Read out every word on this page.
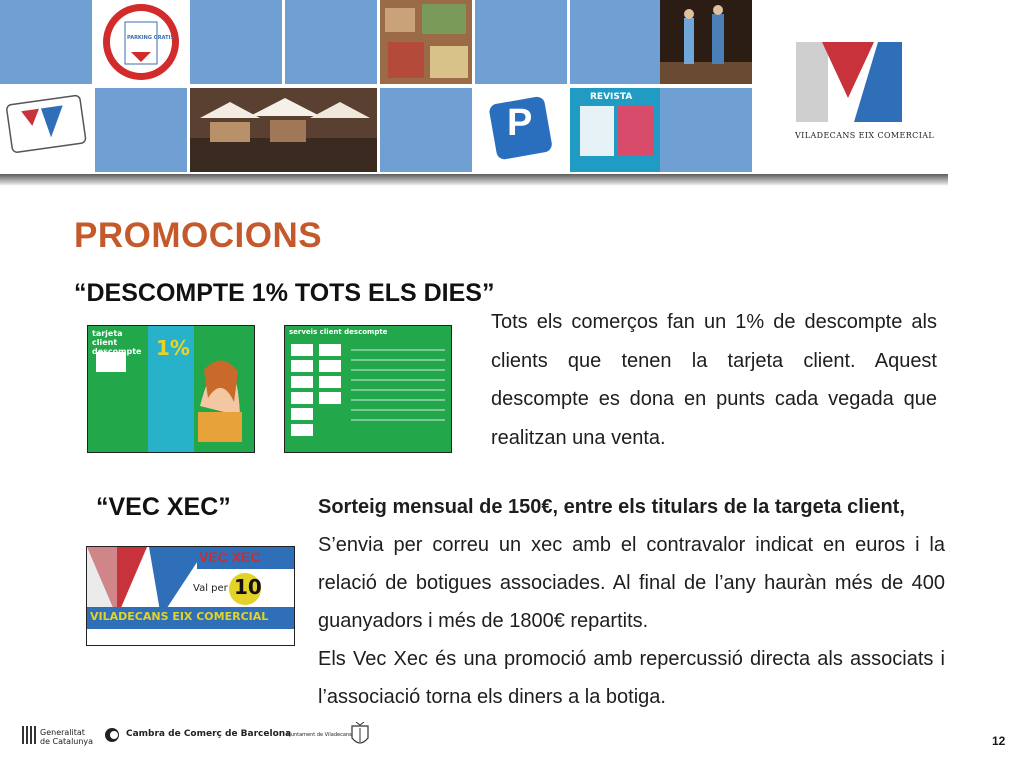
PARKING GRATIS
P
REVISTA
VILADECANS EIX COMERCIAL
PROMOCIONS
“DESCOMPTE 1% TOTS ELS DIES”
tarjeta client descompte 1%
serveis client descompte	Tots els comerços fan un 1% de descompte als clients que tenen la tarjeta client. Aquest descompte es dona en punts cada vegada que realitzan una venta.
“VEC XEC”
VEC XEC
Val per 10
VILADECANS EIX COMERCIAL
Sorteig mensual de 150€, entre els titulars de la targeta client,

S’envia per correu un xec amb el contravalor indicat en euros i la relació de botigues associades. Al final de l’any hauràn més de 400 guanyadors i més de 1800€ repartits.

Els Vec Xec és una promoció amb repercussió directa als associats i l’associació torna els diners a la botiga.

Generalitat
de Catalunya
Cambra de Comerç de Barcelona
Ajuntament de Viladecans	12
